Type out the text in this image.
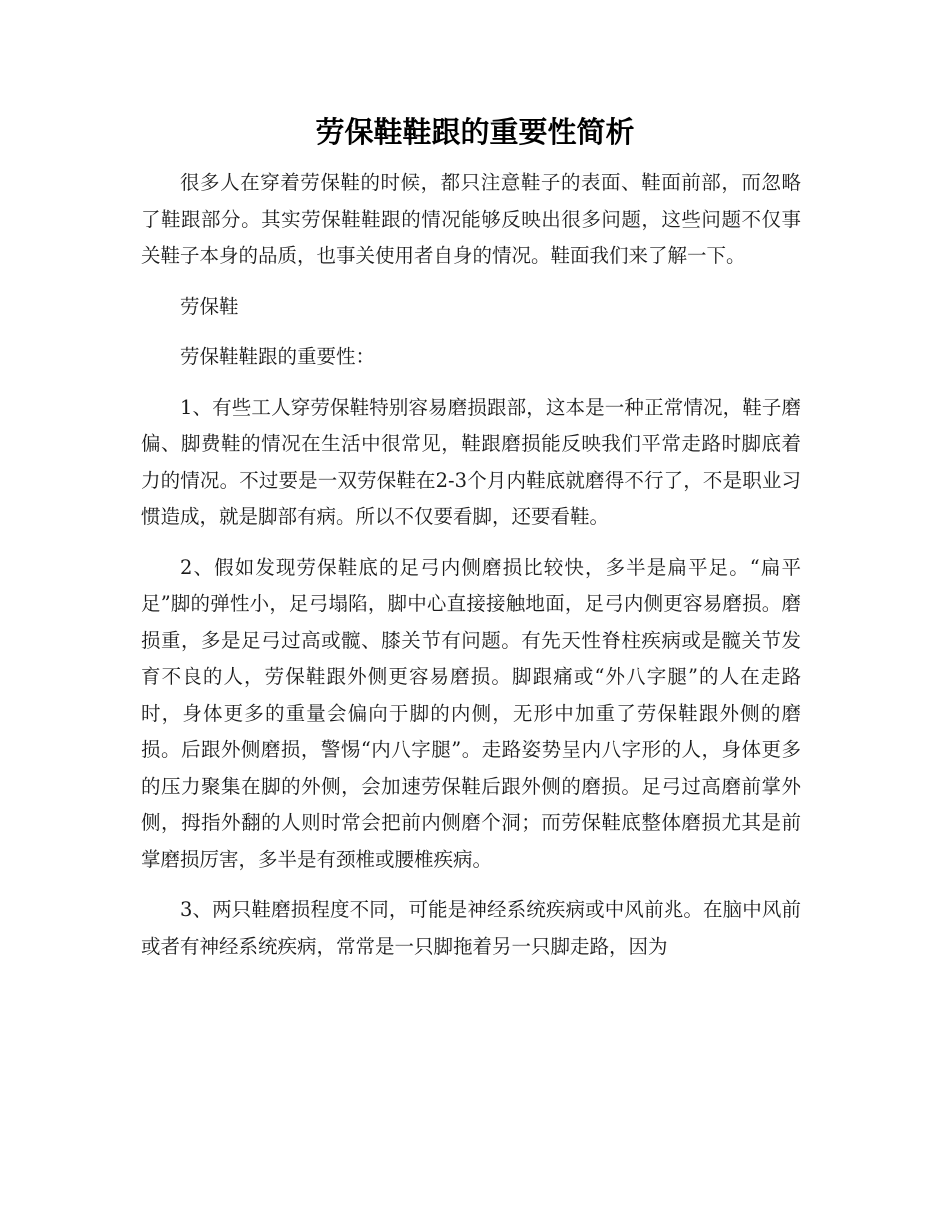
劳保鞋鞋跟的重要性简析

很多人在穿着劳保鞋的时候，都只注意鞋子的表面、鞋面前部，而忽略了鞋跟部分。其实劳保鞋鞋跟的情况能够反映出很多问题，这些问题不仅事关鞋子本身的品质，也事关使用者自身的情况。鞋面我们来了解一下。

劳保鞋

劳保鞋鞋跟的重要性：

1、有些工人穿劳保鞋特别容易磨损跟部，这本是一种正常情况，鞋子磨偏、脚费鞋的情况在生活中很常见，鞋跟磨损能反映我们平常走路时脚底着力的情况。不过要是一双劳保鞋在2-3个月内鞋底就磨得不行了，不是职业习惯造成，就是脚部有病。所以不仅要看脚，还要看鞋。

2、假如发现劳保鞋底的足弓内侧磨损比较快，多半是扁平足。“扁平足”脚的弹性小，足弓塌陷，脚中心直接接触地面，足弓内侧更容易磨损。磨损重，多是足弓过高或髋、膝关节有问题。有先天性脊柱疾病或是髋关节发育不良的人，劳保鞋跟外侧更容易磨损。脚跟痛或“外八字腿”的人在走路时，身体更多的重量会偏向于脚的内侧，无形中加重了劳保鞋跟外侧的磨损。后跟外侧磨损，警惕“内八字腿”。走路姿势呈内八字形的人，身体更多的压力聚集在脚的外侧，会加速劳保鞋后跟外侧的磨损。足弓过高磨前掌外侧，拇指外翻的人则时常会把前内侧磨个洞；而劳保鞋底整体磨损尤其是前掌磨损厉害，多半是有颈椎或腰椎疾病。

3、两只鞋磨损程度不同，可能是神经系统疾病或中风前兆。在脑中风前或者有神经系统疾病，常常是一只脚拖着另一只脚走路，因为
